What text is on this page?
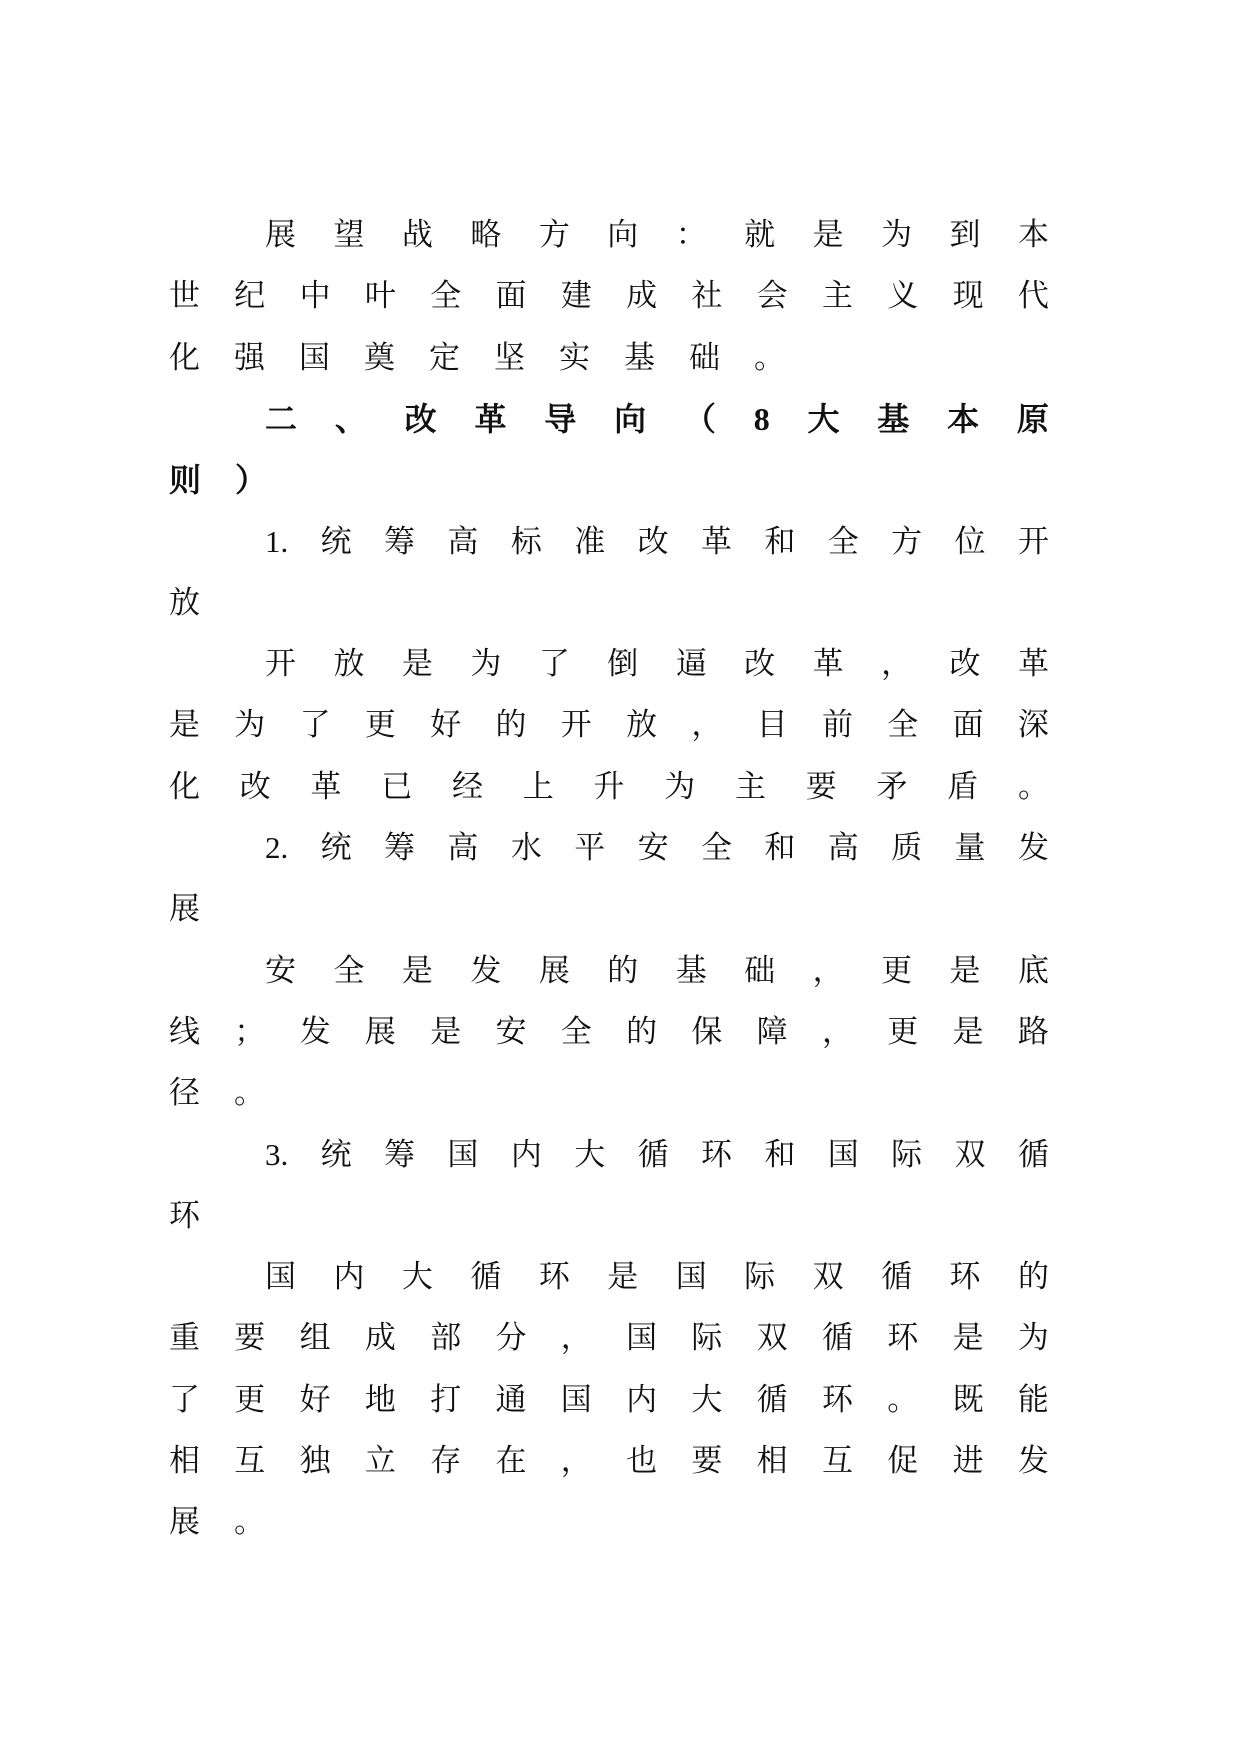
展 望 战 略 方 向 ： 就 是 为 到 本
世 纪 中 叶 全 面 建 成 社 会 主 义 现 代
化 强 国 奠 定 坚 实 基 础 。
二 、 改 革 导 向 （ 8 大 基 本 原
则 ）
1. 统 筹 高 标 准 改 革 和 全 方 位 开
放
开 放 是 为 了 倒 逼 改 革 ， 改 革
是 为 了 更 好 的 开 放 ， 目 前 全 面 深
化 改 革 已 经 上 升 为 主 要 矛 盾 。
2. 统 筹 高 水 平 安 全 和 高 质 量 发
展
安 全 是 发 展 的 基 础 ， 更 是 底
线 ； 发 展 是 安 全 的 保 障 ， 更 是 路
径 。
3. 统 筹 国 内 大 循 环 和 国 际 双 循
环
国 内 大 循 环 是 国 际 双 循 环 的
重 要 组 成 部 分 ， 国 际 双 循 环 是 为
了 更 好 地 打 通 国 内 大 循 环 。 既 能
相 互 独 立 存 在 ， 也 要 相 互 促 进 发
展 。
